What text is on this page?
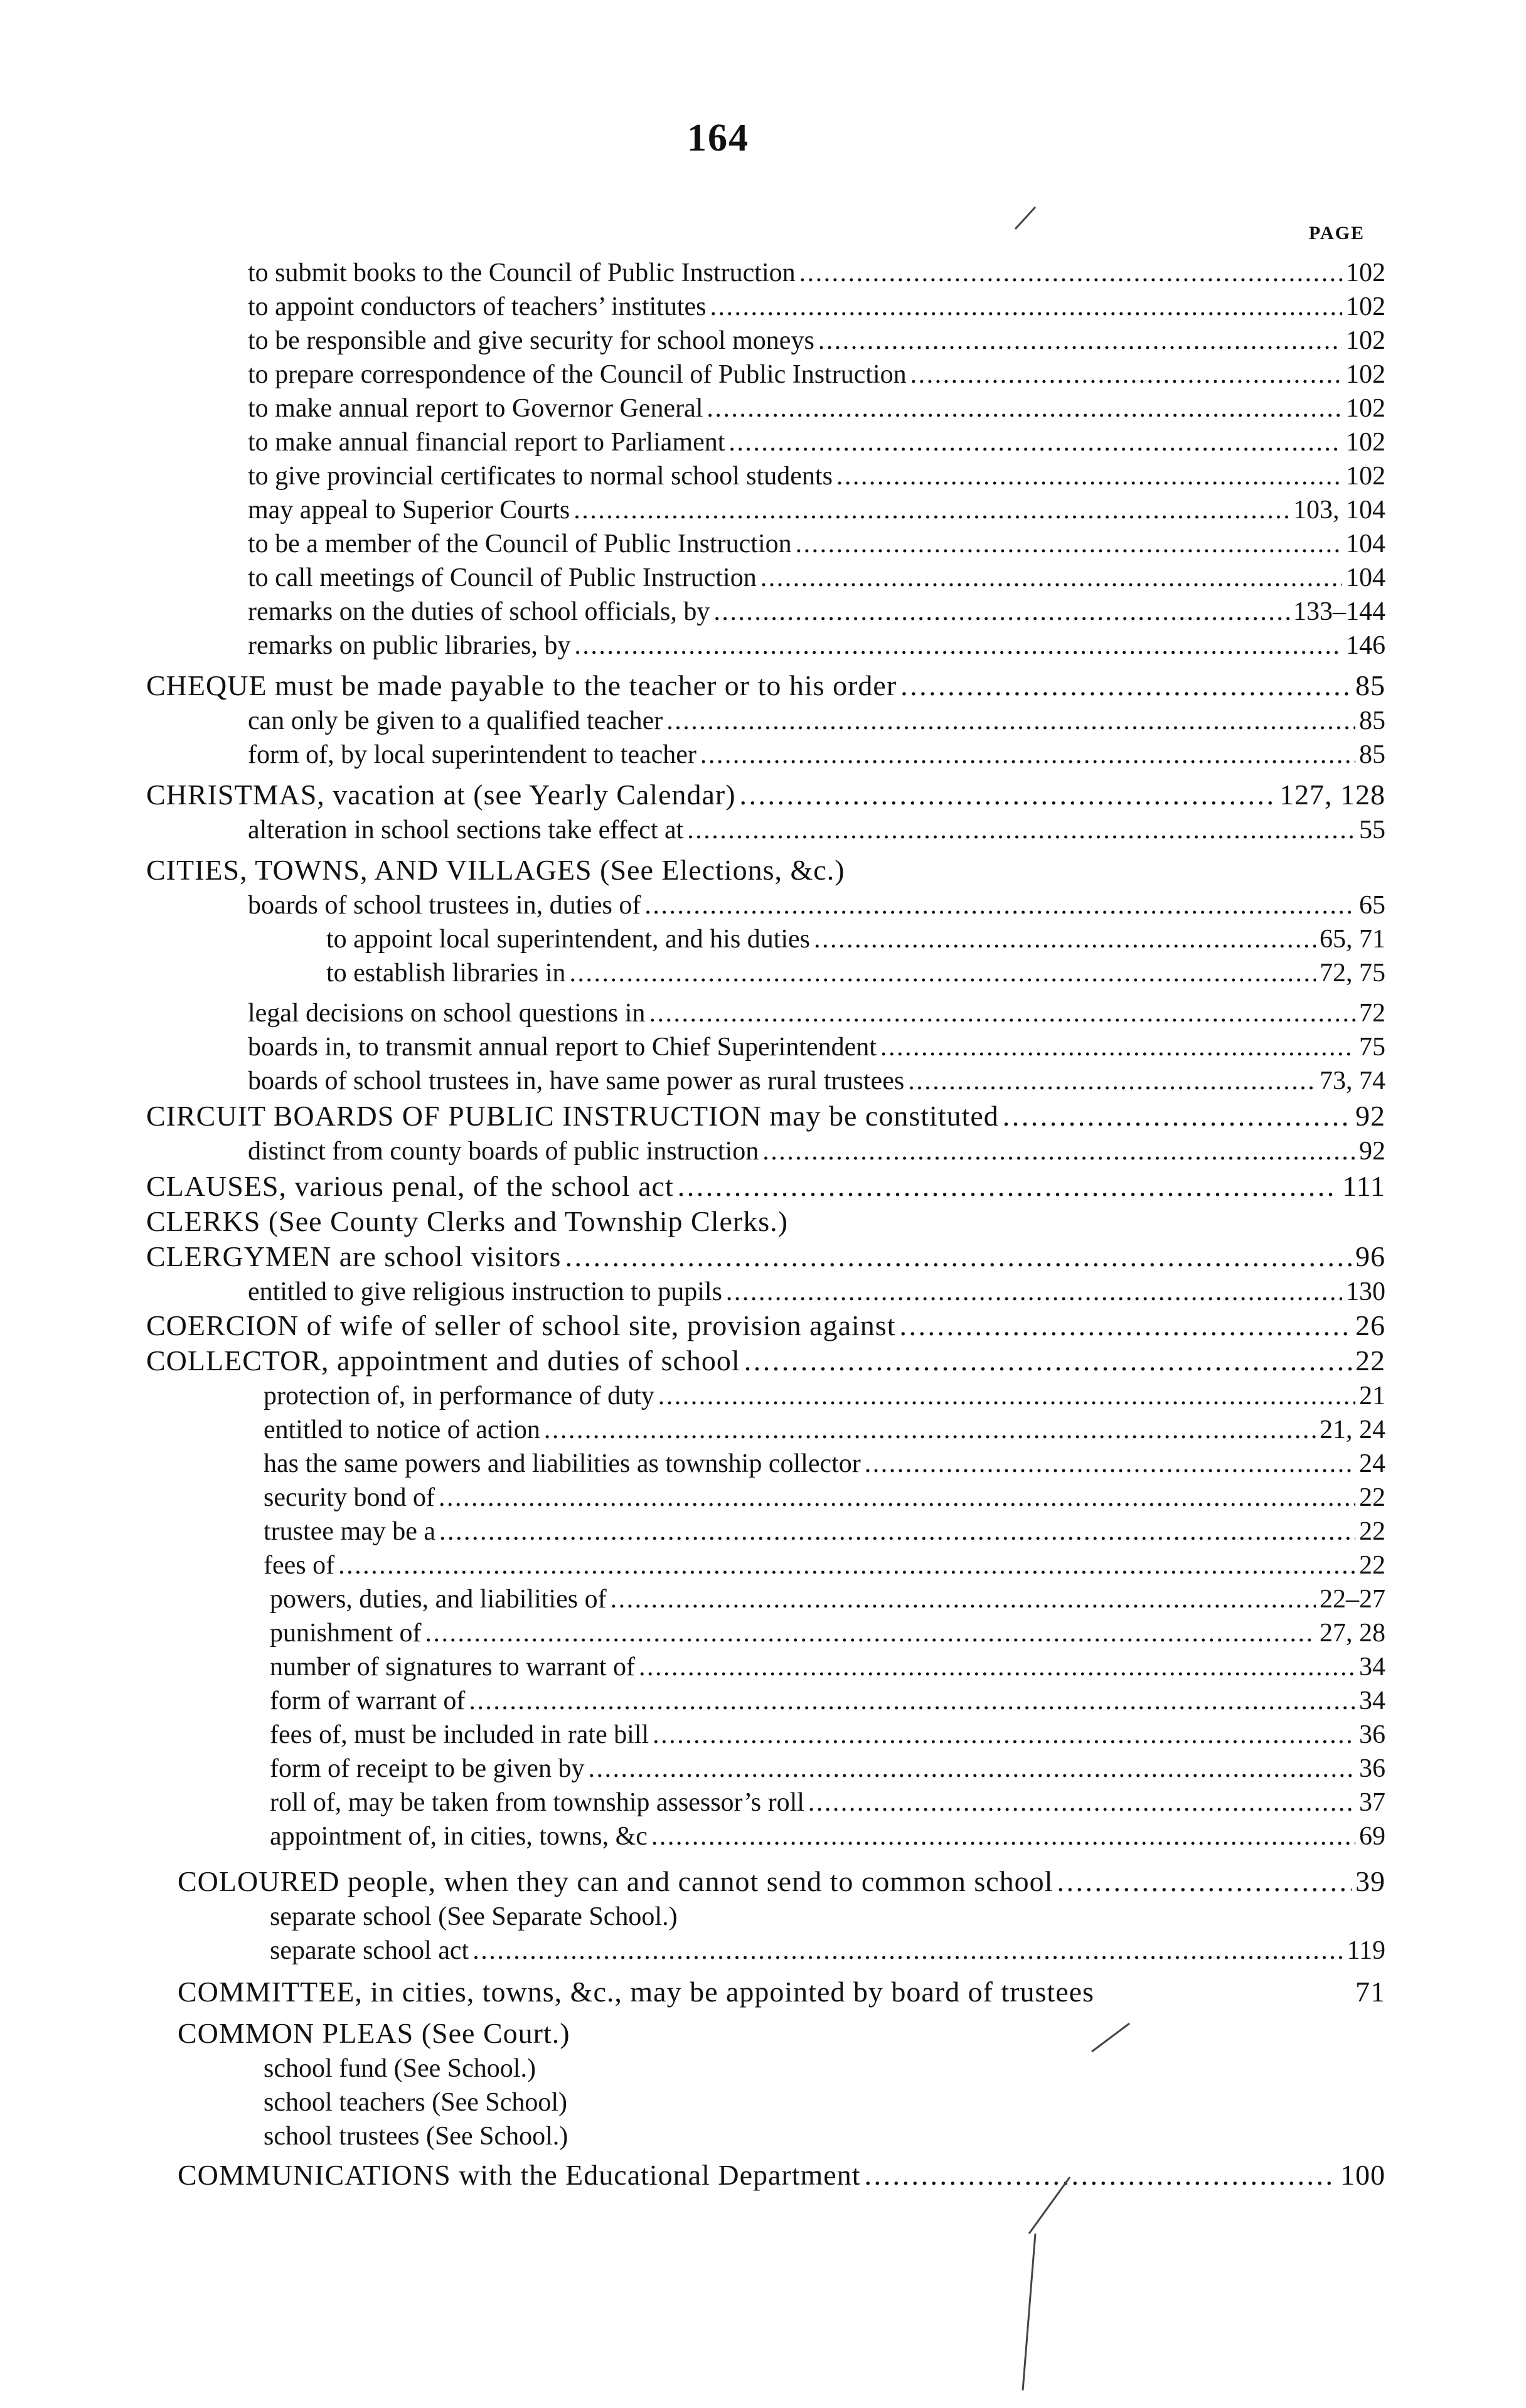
164
PAGE
to submit books to the Council of Public Instruction . . .	102
to appoint conductors of teachers’ institutes . . .	102
to be responsible and give security for school moneys . . .	102
to prepare correspondence of the Council of Public Instruction . . .	102
to make annual report to Governor General . . .	102
to make annual financial report to Parliament . . .	102
to give provincial certificates to normal school students . . .	102
may appeal to Superior Courts . . .	103, 104
to be a member of the Council of Public Instruction . . .	104
to call meetings of Council of Public Instruction . . .	104
remarks on the duties of school officials, by . . .	133–144
remarks on public libraries, by . . .	146
CHEQUE must be made payable to the teacher or to his order . . .	85
can only be given to a qualified teacher . . .	85
form of, by local superintendent to teacher . . .	85
CHRISTMAS, vacation at (see Yearly Calendar) . . .	127, 128
alteration in school sections take effect at . . .	55
CITIES, TOWNS, AND VILLAGES (See Elections, &c.)
boards of school trustees in, duties of . . .	65
to appoint local superintendent, and his duties . . .	65, 71
to establish libraries in . . .	72, 75
legal decisions on school questions in . . .	72
boards in, to transmit annual report to Chief Superintendent . . .	75
boards of school trustees in, have same power as rural trustees . . .	73, 74
CIRCUIT BOARDS OF PUBLIC INSTRUCTION may be constituted . . .	92
distinct from county boards of public instruction . . .	92
CLAUSES, various penal, of the school act . . .	111
CLERKS (See County Clerks and Township Clerks.)
CLERGYMEN are school visitors . . .	96
entitled to give religious instruction to pupils . . .	130
COERCION of wife of seller of school site, provision against . . .	26
COLLECTOR, appointment and duties of school . . .	22
protection of, in performance of duty . . .	21
entitled to notice of action . . .	21, 24
has the same powers and liabilities as township collector . . .	24
security bond of . . .	22
trustee may be a . . .	22
fees of . . .	22
powers, duties, and liabilities of . . .	22–27
punishment of . . .	27, 28
number of signatures to warrant of . . .	34
form of warrant of . . .	34
fees of, must be included in rate bill . . .	36
form of receipt to be given by . . .	36
roll of, may be taken from township assessor’s roll . . .	37
appointment of, in cities, towns, &c . . .	69
COLOURED people, when they can and cannot send to common school . . .	39
separate school (See Separate School.)
separate school act . . .	119
COMMITTEE, in cities, towns, &c., may be appointed by board of trustees	71
COMMON PLEAS (See Court.)
school fund (See School.)
school teachers (See School)
school trustees (See School.)
COMMUNICATIONS with the Educational Department . . .	100
